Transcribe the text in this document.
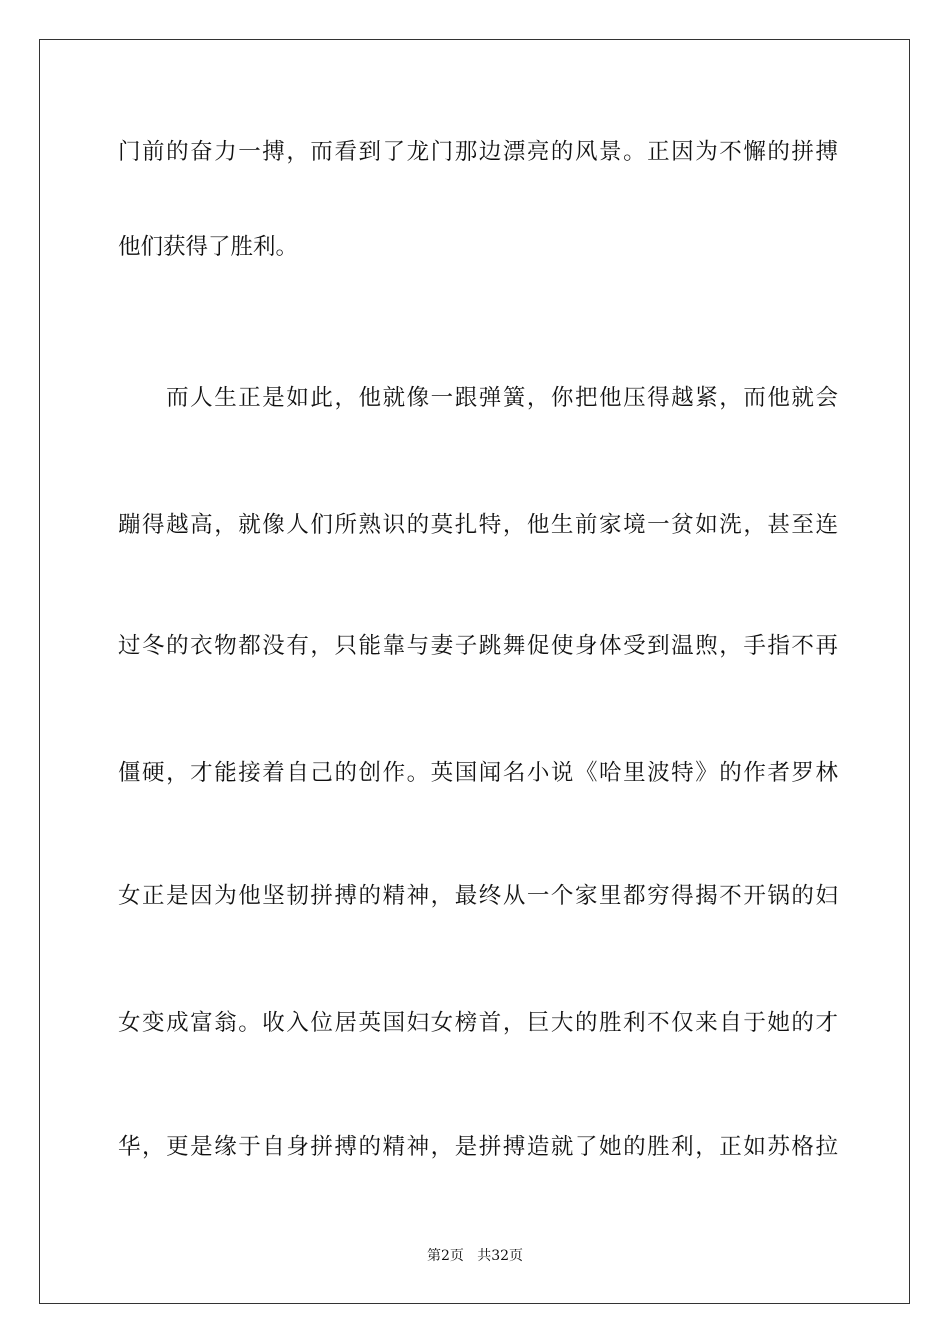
门前的奋力一搏，而看到了龙门那边漂亮的风景。正因为不懈的拼搏
他们获得了胜利。
　　而人生正是如此，他就像一跟弹簧，你把他压得越紧，而他就会
蹦得越高，就像人们所熟识的莫扎特，他生前家境一贫如洗，甚至连
过冬的衣物都没有，只能靠与妻子跳舞促使身体受到温煦，手指不再
僵硬，才能接着自己的创作。英国闻名小说《哈里波特》的作者罗林
女正是因为他坚韧拼搏的精神，最终从一个家里都穷得揭不开锅的妇
女变成富翁。收入位居英国妇女榜首，巨大的胜利不仅来自于她的才
华，更是缘于自身拼搏的精神，是拼搏造就了她的胜利，正如苏格拉
第2页   共32页
